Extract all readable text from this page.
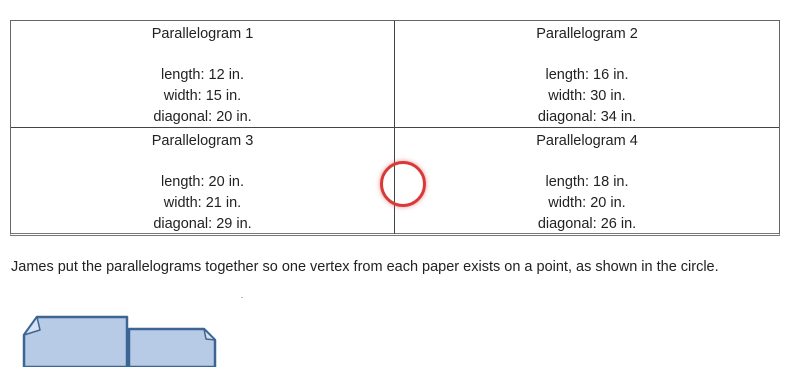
Parallelogram 1
length: 12 in.
width: 15 in.
diagonal: 20 in.
Parallelogram 2
length: 16 in.
width: 30 in.
diagonal: 34 in.
Parallelogram 3
length: 20 in.
width: 21 in.
diagonal: 29 in.
Parallelogram 4
length: 18 in.
width: 20 in.
diagonal: 26 in.
James put the parallelograms together so one vertex from each paper exists on a point, as shown in the circle.
